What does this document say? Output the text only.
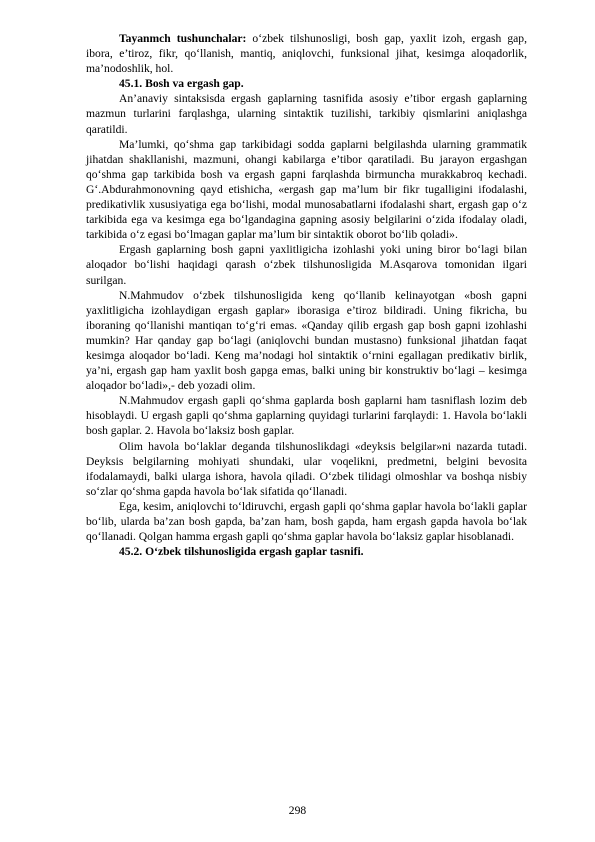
Tayanmch tushunchalar: o‘zbek tilshunosligi, bosh gap, yaxlit izoh, ergash gap, ibora, e’tiroz, fikr, qo‘llanish, mantiq, aniqlovchi, funksional jihat, kesimga aloqadorlik, ma’nodoshlik, hol.

45.1. Bosh va ergash gap.

An’anaviy sintaksisda ergash gaplarning tasnifida asosiy e’tibor ergash gaplarning mazmun turlarini farqlashga, ularning sintaktik tuzilishi, tarkibiy qismlarini aniqlashga qaratildi.

Ma’lumki, qo‘shma gap tarkibidagi sodda gaplarni belgilashda ularning grammatik jihatdan shakllanishi, mazmuni, ohangi kabilarga e’tibor qaratiladi. Bu jarayon ergashgan qo‘shma gap tarkibida bosh va ergash gapni farqlashda birmuncha murakkabroq kechadi. G‘.Abdurahmonovning qayd etishicha, «ergash gap ma’lum bir fikr tugalligini ifodalashi, predikativlik xususiyatiga ega bo‘lishi, modal munosabatlarni ifodalashi shart, ergash gap o‘z tarkibida ega va kesimga ega bo‘lgandagina gapning asosiy belgilarini o‘zida ifodalay oladi, tarkibida o‘z egasi bo‘lmagan gaplar ma’lum bir sintaktik oborot bo‘lib qoladi».

Ergash gaplarning bosh gapni yaxlitligicha izohlashi yoki uning biror bo‘lagi bilan aloqador bo‘lishi haqidagi qarash o‘zbek tilshunosligida M.Asqarova tomonidan ilgari surilgan.

N.Mahmudov o‘zbek tilshunosligida keng qo‘llanib kelinayotgan «bosh gapni yaxlitligicha izohlaydigan ergash gaplar» iborasiga e’tiroz bildiradi. Uning fikricha, bu iboraning qo‘llanishi mantiqan to‘g‘ri emas. «Qanday qilib ergash gap bosh gapni izohlashi mumkin? Har qanday gap bo‘lagi (aniqlovchi bundan mustasno) funksional jihatdan faqat kesimga aloqador bo‘ladi. Keng ma’nodagi hol sintaktik o‘rnini egallagan predikativ birlik, ya’ni, ergash gap ham yaxlit bosh gapga emas, balki uning bir konstruktiv bo‘lagi – kesimga aloqador bo‘ladi»,- deb yozadi olim.

N.Mahmudov ergash gapli qo‘shma gaplarda bosh gaplarni ham tasniflash lozim deb hisoblaydi. U ergash gapli qo‘shma gaplarning quyidagi turlarini farqlaydi: 1. Havola bo‘lakli bosh gaplar. 2. Havola bo‘laksiz bosh gaplar.

Olim havola bo‘laklar deganda tilshunoslikdagi «deyksis belgilar»ni nazarda tutadi. Deyksis belgilarning mohiyati shundaki, ular voqelikni, predmetni, belgini bevosita ifodalamaydi, balki ularga ishora, havola qiladi. O‘zbek tilidagi olmoshlar va boshqa nisbiy so‘zlar qo‘shma gapda havola bo‘lak sifatida qo‘llanadi.

Ega, kesim, aniqlovchi to‘ldiruvchi, ergash gapli qo‘shma gaplar havola bo‘lakli gaplar bo‘lib, ularda ba’zan bosh gapda, ba’zan ham, bosh gapda, ham ergash gapda havola bo‘lak qo‘llanadi. Qolgan hamma ergash gapli qo‘shma gaplar havola bo‘laksiz gaplar hisoblanadi.

45.2. O‘zbek tilshunosligida ergash gaplar tasnifi.

298
